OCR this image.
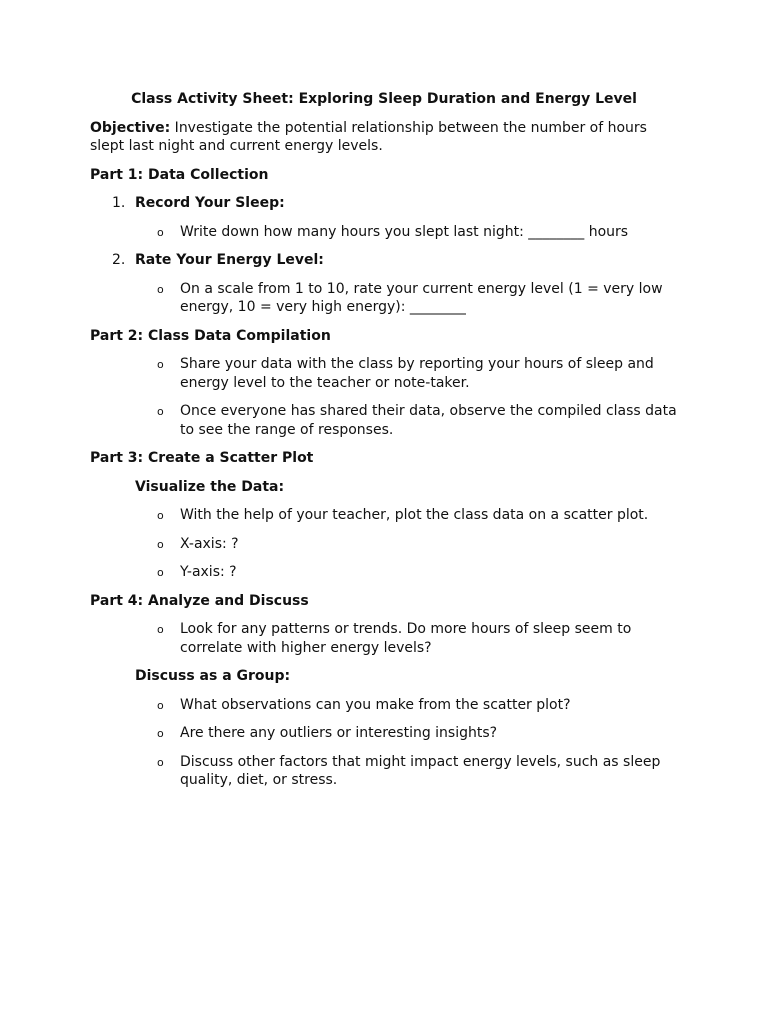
Class Activity Sheet: Exploring Sleep Duration and Energy Level
Objective: Investigate the potential relationship between the number of hours slept last night and current energy levels.
Part 1: Data Collection
1. Record Your Sleep:
o Write down how many hours you slept last night: ________ hours
2. Rate Your Energy Level:
o On a scale from 1 to 10, rate your current energy level (1 = very low energy, 10 = very high energy): ________
Part 2: Class Data Compilation
o Share your data with the class by reporting your hours of sleep and energy level to the teacher or note-taker.
o Once everyone has shared their data, observe the compiled class data to see the range of responses.
Part 3: Create a Scatter Plot
Visualize the Data:
o With the help of your teacher, plot the class data on a scatter plot.
o X-axis: ?
o Y-axis: ?
Part 4: Analyze and Discuss
o Look for any patterns or trends. Do more hours of sleep seem to correlate with higher energy levels?
Discuss as a Group:
o What observations can you make from the scatter plot?
o Are there any outliers or interesting insights?
o Discuss other factors that might impact energy levels, such as sleep quality, diet, or stress.
